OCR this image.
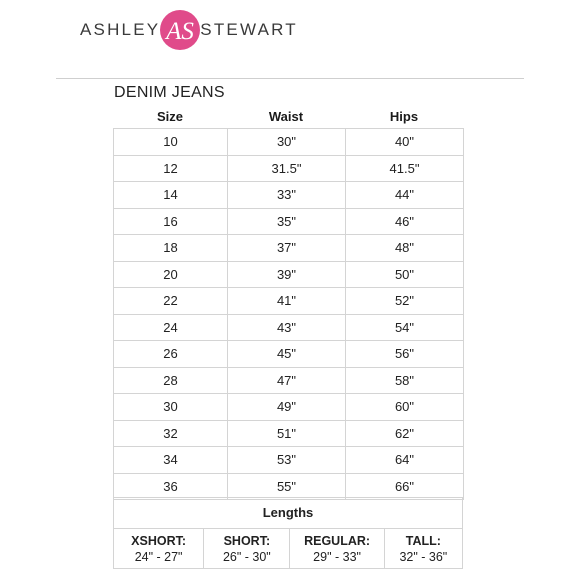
ASHLEY AS STEWART
DENIM JEANS
Size	Waist	Hips
10	30"	40"
12	31.5"	41.5"
14	33"	44"
16	35"	46"
18	37"	48"
20	39"	50"
22	41"	52"
24	43"	54"
26	45"	56"
28	47"	58"
30	49"	60"
32	51"	62"
34	53"	64"
36	55"	66"
Lengths
XSHORT:
24" - 27"
SHORT:
26" - 30"
REGULAR:
29" - 33"
TALL:
32" - 36"
